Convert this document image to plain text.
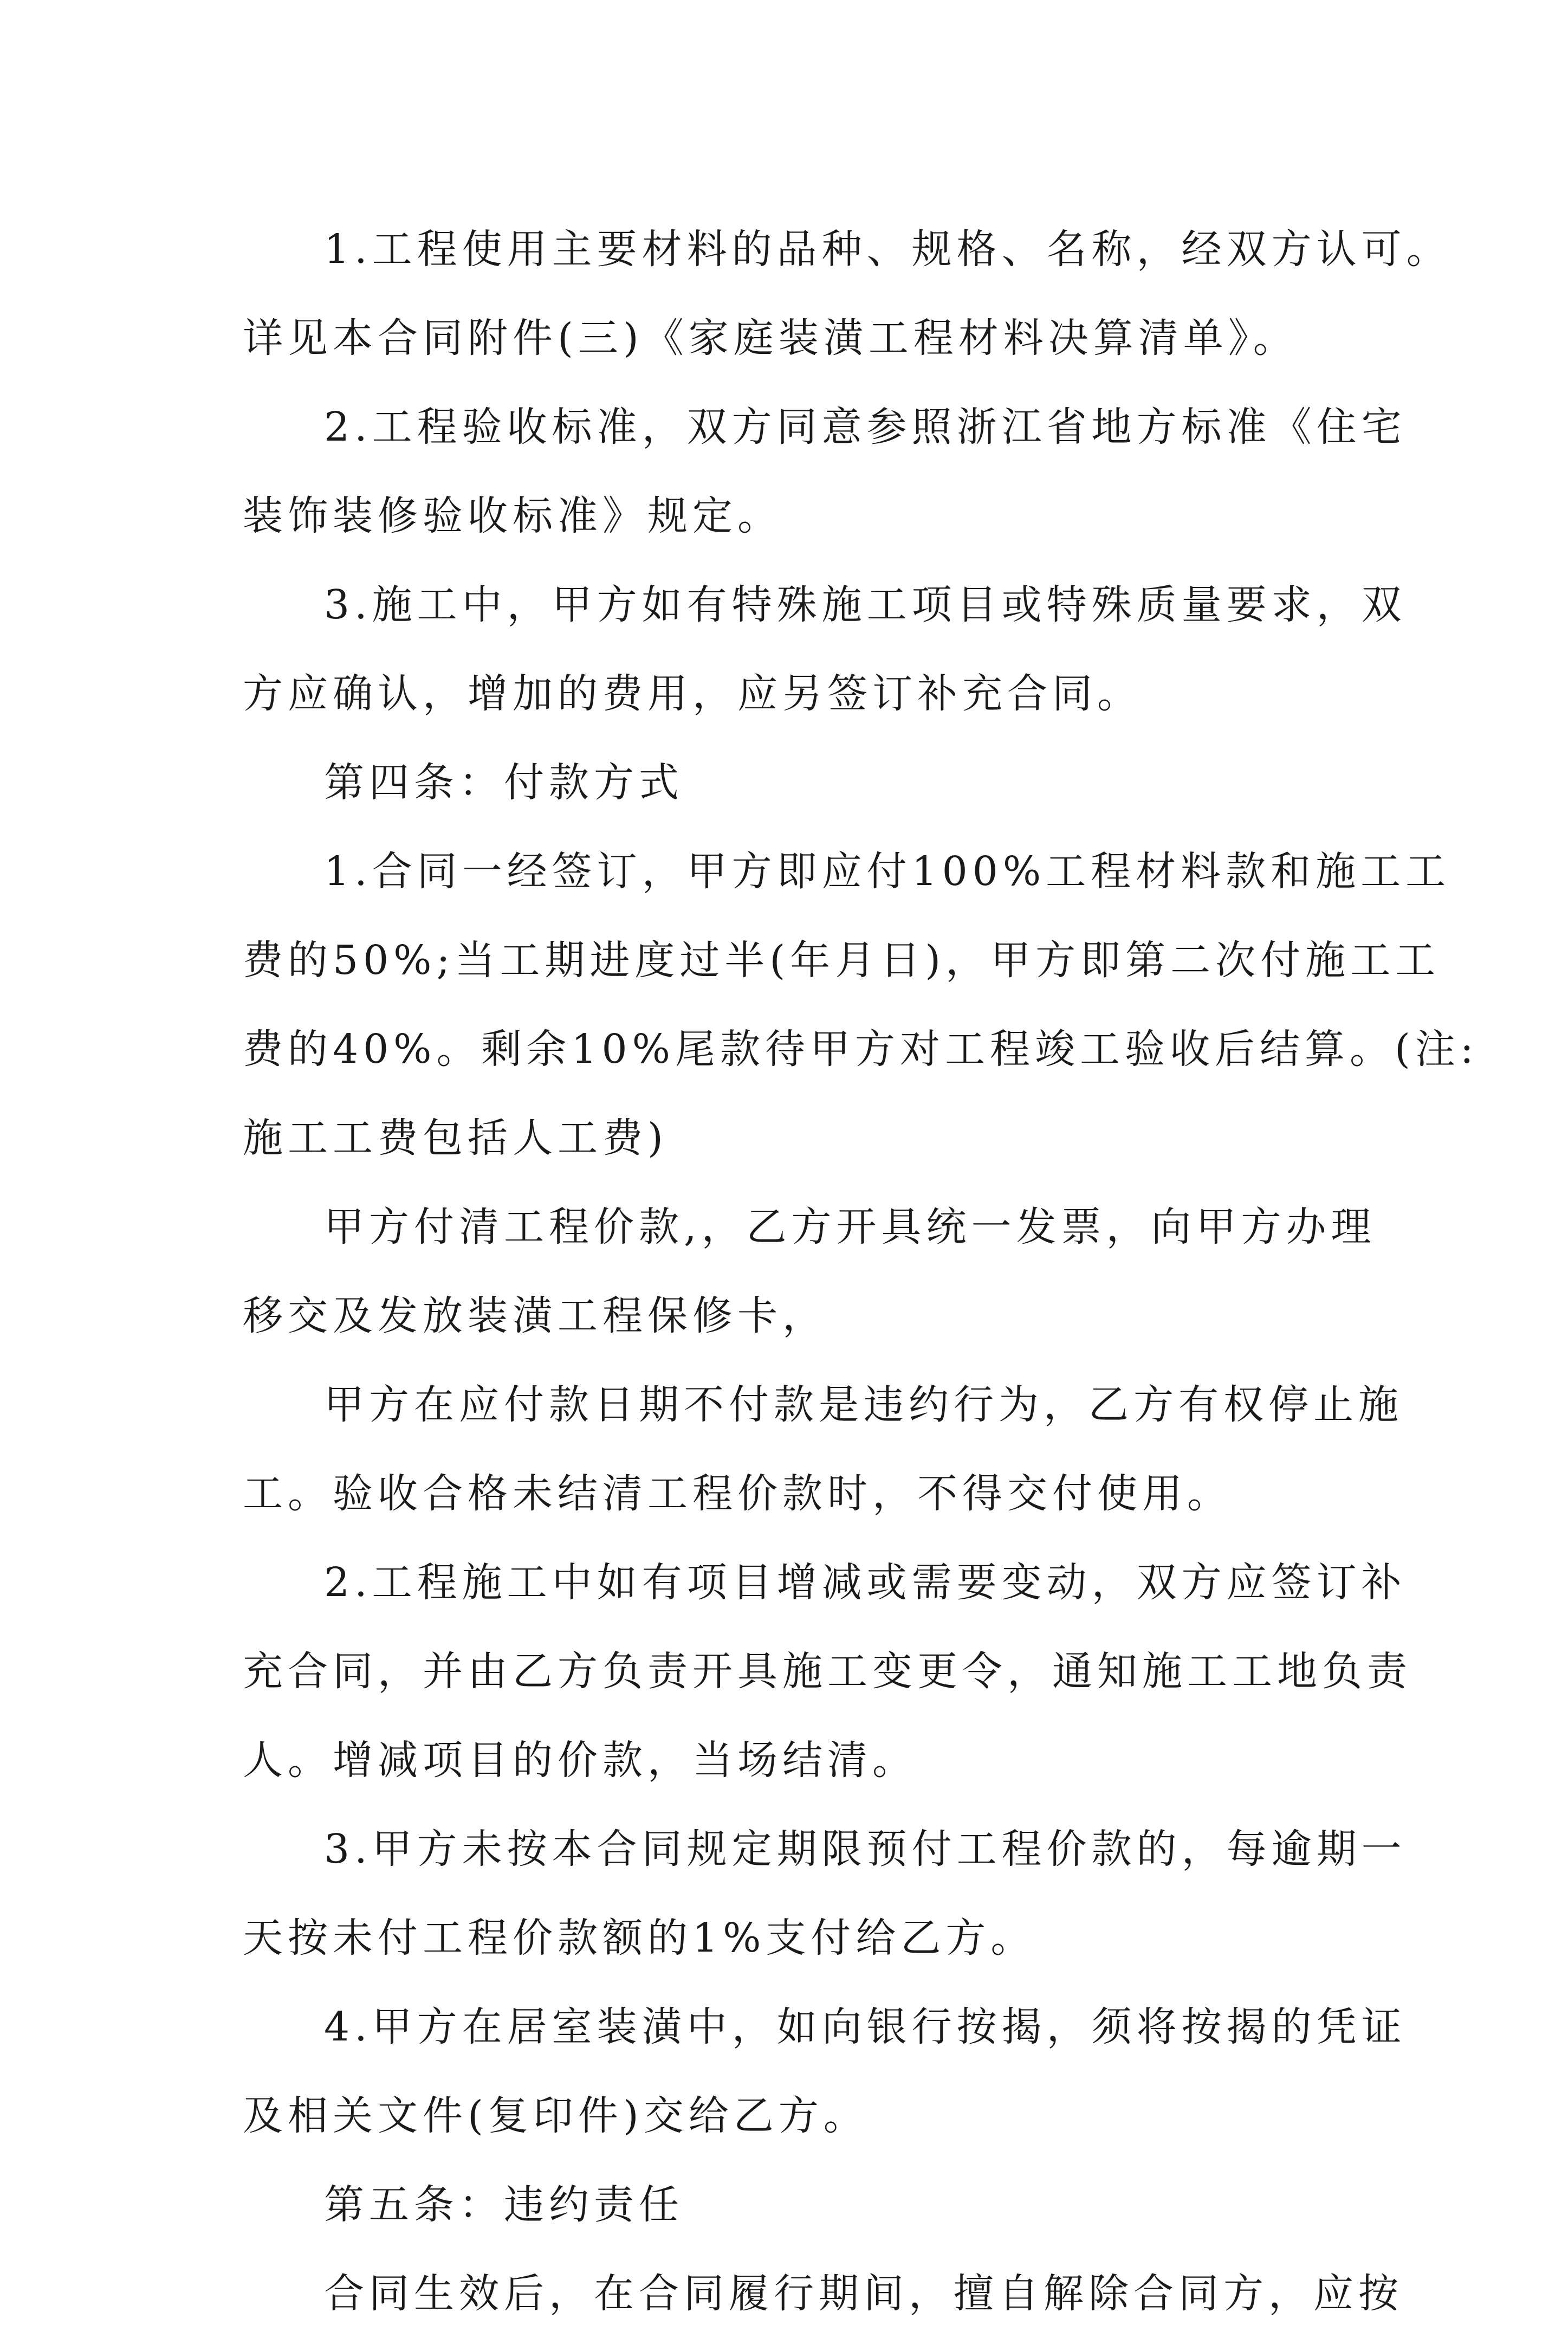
1.工程使用主要材料的品种、规格、名称，经双方认可。
详见本合同附件(三)《家庭装潢工程材料决算清单》。
2.工程验收标准，双方同意参照浙江省地方标准《住宅
装饰装修验收标准》规定。
3.施工中，甲方如有特殊施工项目或特殊质量要求，双
方应确认，增加的费用，应另签订补充合同。
第四条：付款方式
1.合同一经签订，甲方即应付100%工程材料款和施工工
费的50%;当工期进度过半(年月日)，甲方即第二次付施工工
费的40%。剩余10%尾款待甲方对工程竣工验收后结算。(注:
施工工费包括人工费)
甲方付清工程价款,，乙方开具统一发票，向甲方办理
移交及发放装潢工程保修卡，
甲方在应付款日期不付款是违约行为，乙方有权停止施
工。验收合格未结清工程价款时，不得交付使用。
2.工程施工中如有项目增减或需要变动，双方应签订补
充合同，并由乙方负责开具施工变更令，通知施工工地负责
人。增减项目的价款，当场结清。
3.甲方未按本合同规定期限预付工程价款的，每逾期一
天按未付工程价款额的1%支付给乙方。
4.甲方在居室装潢中，如向银行按揭，须将按揭的凭证
及相关文件(复印件)交给乙方。
第五条：违约责任
合同生效后，在合同履行期间，擅自解除合同方，应按
